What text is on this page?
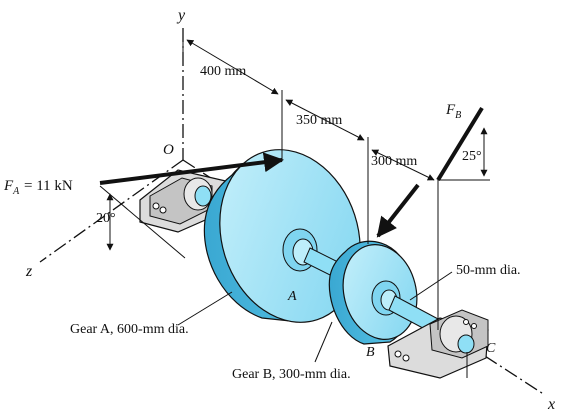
y
z
x
O
400 mm
350 mm
300 mm
50-mm dia.
$F_A = 11$ kN
20°
$F_B$
25°
A
B	C
Gear A, 600-mm dia.
Gear B, 300-mm dia.
